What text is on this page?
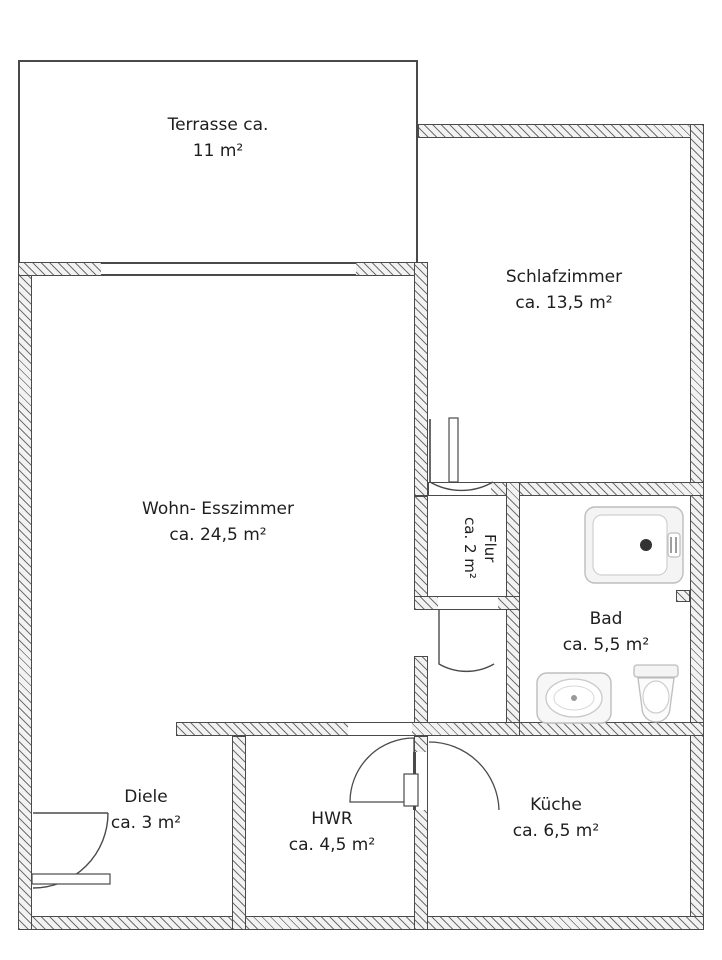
Terrasse ca.
11 m²
Schlafzimmer
ca. 13,5 m²
Wohn- Esszimmer
ca. 24,5 m²	Flur
ca. 2 m²
Bad
ca. 5,5 m²
Diele
ca. 3 m²	HWR
ca. 4,5 m²
Küche
ca. 6,5 m²
